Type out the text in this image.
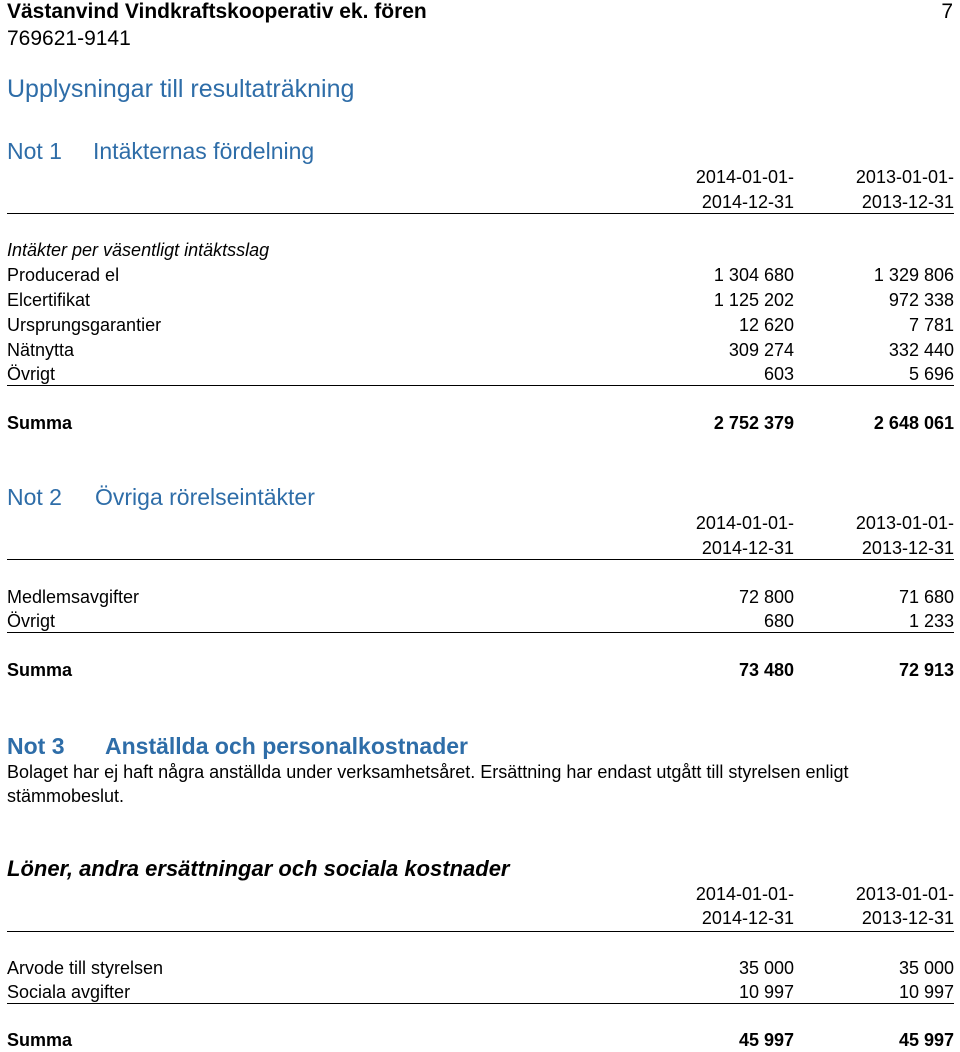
Västanvind Vindkraftskooperativ ek. fören	7
769621-9141
Upplysningar till resultaträkning
Not 1 Intäkternas fördelning
2014-01-01-	2013-01-01-
2014-12-31	2013-12-31
Intäkter per väsentligt intäktsslag
Producerad el	1 304 680	1 329 806
Elcertifikat	1 125 202	972 338
Ursprungsgarantier	12 620	7 781
Nätnytta	309 274	332 440
Övrigt	603	5 696
Summa	2 752 379	2 648 061
Not 2 Övriga rörelseintäkter
2014-01-01-	2013-01-01-
2014-12-31	2013-12-31
Medlemsavgifter	72 800	71 680
Övrigt	680	1 233
Summa	73 480	72 913
Not 3 Anställda och personalkostnader
Bolaget har ej haft några anställda under verksamhetsåret. Ersättning har endast utgått till styrelsen enligt stämmobeslut.
Löner, andra ersättningar och sociala kostnader
2014-01-01-	2013-01-01-
2014-12-31	2013-12-31
Arvode till styrelsen	35 000	35 000
Sociala avgifter	10 997	10 997
Summa	45 997	45 997
